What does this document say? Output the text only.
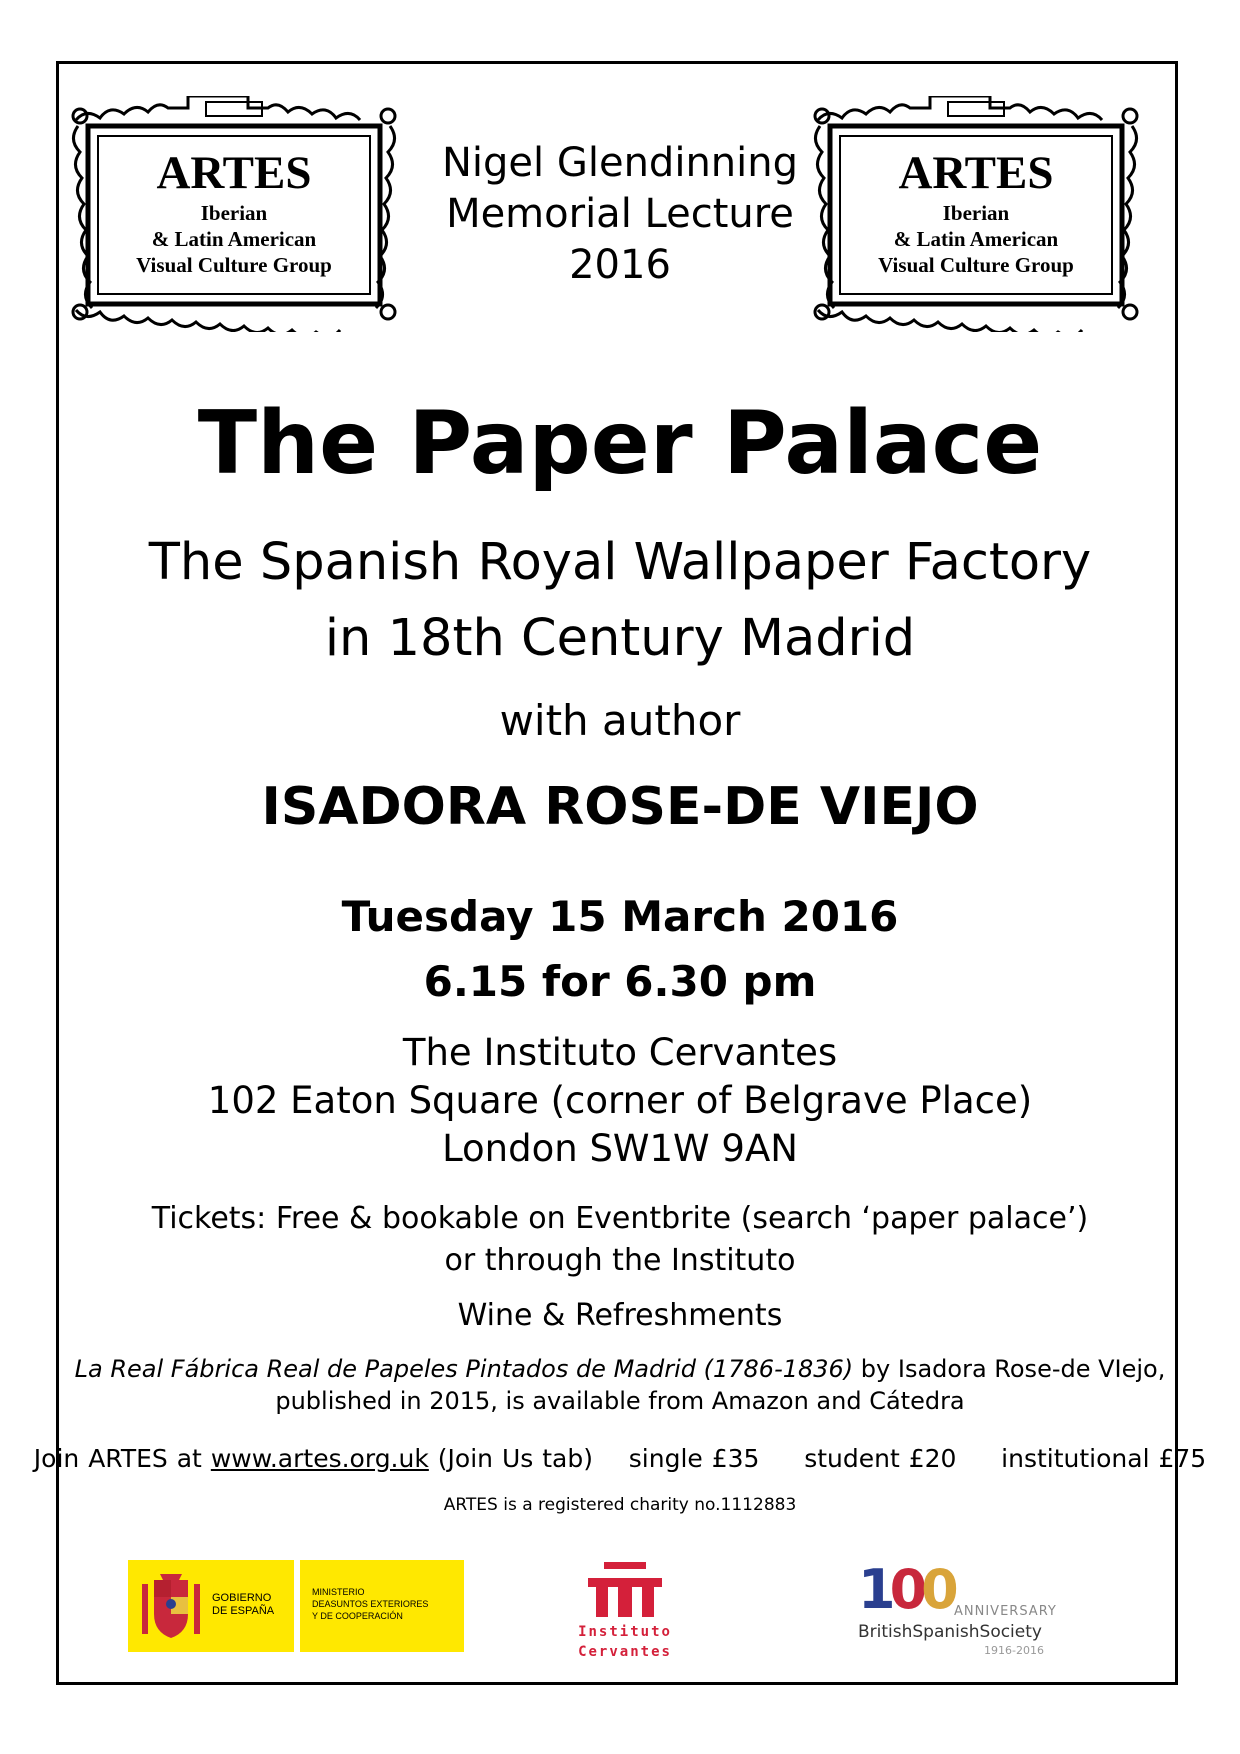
ARTES
Iberian
& Latin American
Visual Culture Group
ARTES
Iberian
& Latin American
Visual Culture Group
Nigel Glendinning
Memorial Lecture
2016
The Paper Palace
The Spanish Royal Wallpaper Factory
in 18th Century Madrid
with author
ISADORA ROSE-DE VIEJO
Tuesday 15 March 2016
6.15 for 6.30 pm
The Instituto Cervantes
102 Eaton Square (corner of Belgrave Place)
London SW1W 9AN
Tickets: Free & bookable on Eventbrite (search ‘paper palace’)
or through the Instituto
Wine & Refreshments
La Real Fábrica Real de Papeles Pintados de Madrid (1786-1836) by Isadora Rose-de VIejo,
published in 2015, is available from Amazon and Cátedra
Join ARTES at www.artes.org.uk (Join Us tab) single £35 student £20 institutional £75
ARTES is a registered charity no.1112883
GOBIERNO
DE ESPAÑA
MINISTERIO
DEASUNTOS EXTERIORES
Y DE COOPERACIÓN
Instituto
Cervantes
100 ANNIVERSARY
BritishSpanishSociety
1916-2016
